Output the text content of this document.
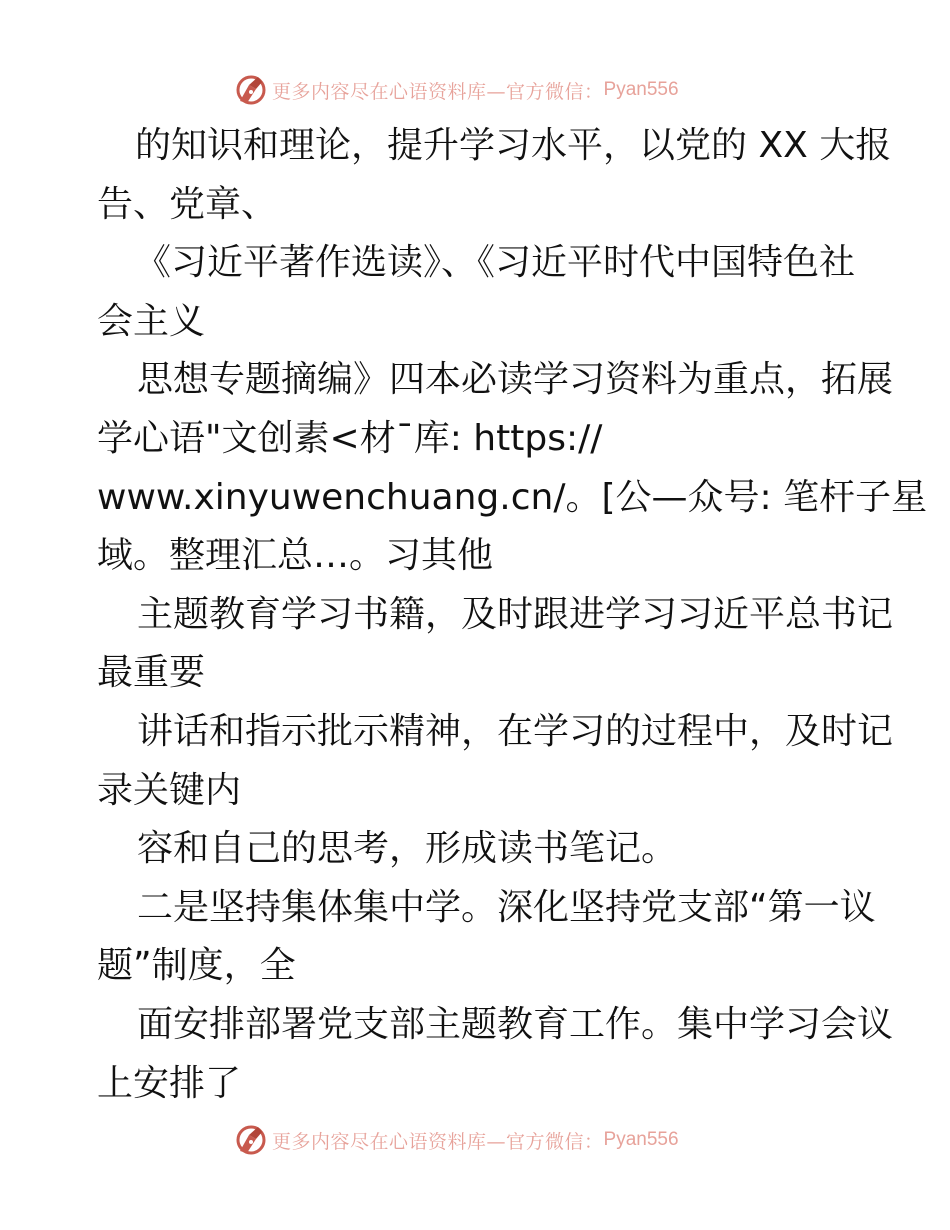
更多内容尽在心语资料库—官方微信： Pyan556
的知识和理论，提升学习水平，以党的 XX 大报
告、党章、
《习近平著作选读》、《习近平时代中国特色社
会主义
思想专题摘编》四本必读学习资料为重点，拓展
学心语"文创素<材¯库: https://
www.xinyuwenchuang.cn/。[公—众号: 笔杆子星
域。整理汇总…。习其他
主题教育学习书籍，及时跟进学习习近平总书记
最重要
讲话和指示批示精神，在学习的过程中，及时记
录关键内
容和自己的思考，形成读书笔记。
二是坚持集体集中学。深化坚持党支部“第一议
题”制度，全
面安排部署党支部主题教育工作。集中学习会议
上安排了
更多内容尽在心语资料库—官方微信： Pyan556
